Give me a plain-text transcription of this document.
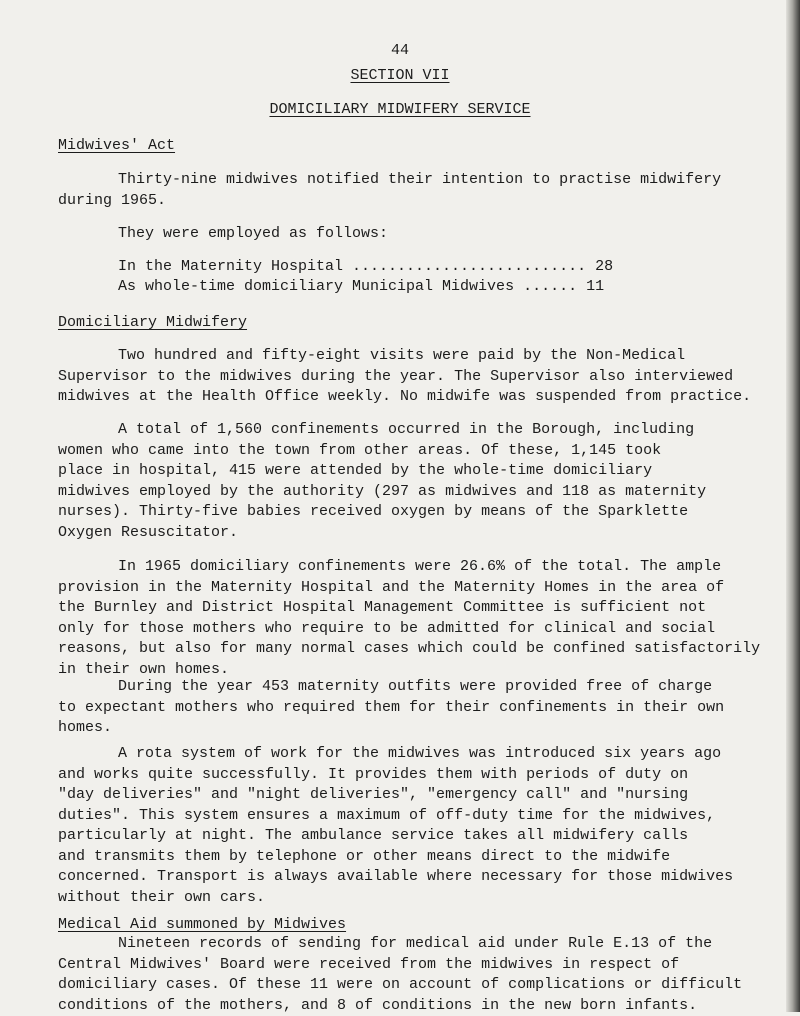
44
SECTION VII
DOMICILIARY MIDWIFERY SERVICE
Midwives' Act
Thirty-nine midwives notified their intention to practise midwifery
during 1965.
They were employed as follows:
In the Maternity Hospital .......................... 28
As whole-time domiciliary Municipal Midwives ...... 11
Domiciliary Midwifery
Two hundred and fifty-eight visits were paid by the Non-Medical
Supervisor to the midwives during the year. The Supervisor also interviewed
midwives at the Health Office weekly. No midwife was suspended from practice.
A total of 1,560 confinements occurred in the Borough, including
women who came into the town from other areas. Of these, 1,145 took
place in hospital, 415 were attended by the whole-time domiciliary
midwives employed by the authority (297 as midwives and 118 as maternity
nurses). Thirty-five babies received oxygen by means of the Sparklette
Oxygen Resuscitator.
In 1965 domiciliary confinements were 26.6% of the total. The ample
provision in the Maternity Hospital and the Maternity Homes in the area of
the Burnley and District Hospital Management Committee is sufficient not
only for those mothers who require to be admitted for clinical and social
reasons, but also for many normal cases which could be confined satisfactorily
in their own homes.
During the year 453 maternity outfits were provided free of charge
to expectant mothers who required them for their confinements in their own
homes.
A rota system of work for the midwives was introduced six years ago
and works quite successfully. It provides them with periods of duty on
"day deliveries" and "night deliveries", "emergency call" and "nursing
duties". This system ensures a maximum of off-duty time for the midwives,
particularly at night. The ambulance service takes all midwifery calls
and transmits them by telephone or other means direct to the midwife
concerned. Transport is always available where necessary for those midwives
without their own cars.
Medical Aid summoned by Midwives
Nineteen records of sending for medical aid under Rule E.13 of the
Central Midwives' Board were received from the midwives in respect of
domiciliary cases. Of these 11 were on account of complications or difficult
conditions of the mothers, and 8 of conditions in the new born infants.
